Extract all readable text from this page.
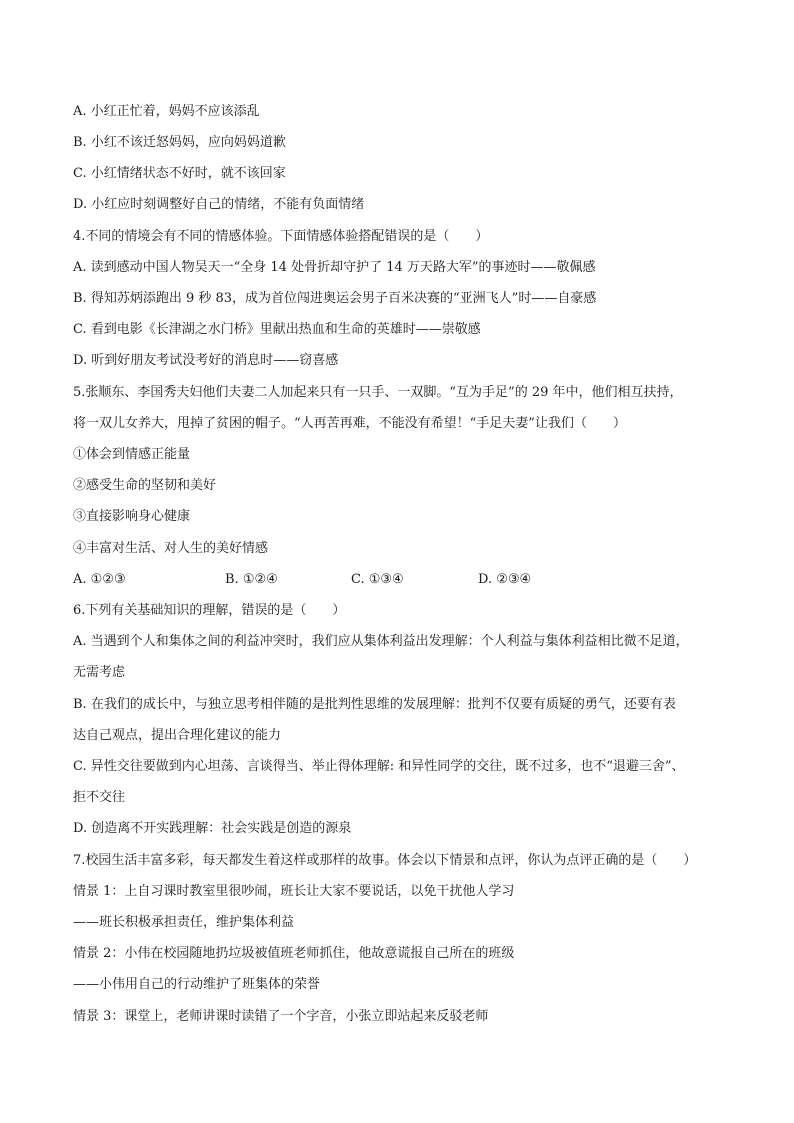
A. 小红正忙着，妈妈不应该添乱
B. 小红不该迁怒妈妈，应向妈妈道歉
C. 小红情绪状态不好时，就不该回家
D. 小红应时刻调整好自己的情绪，不能有负面情绪
4.不同的情境会有不同的情感体验。下面情感体验搭配错误的是（　　）
A. 读到感动中国人物吴天一“全身 14 处骨折却守护了 14 万天路大军”的事迹时——敬佩感
B. 得知苏炳添跑出 9 秒 83，成为首位闯进奥运会男子百米决赛的“亚洲飞人”时——自豪感
C. 看到电影《长津湖之水门桥》里献出热血和生命的英雄时——崇敬感
D. 听到好朋友考试没考好的消息时——窃喜感
5.张顺东、李国秀夫妇他们夫妻二人加起来只有一只手、一双脚。“互为手足”的 29 年中，他们相互扶持，
将一双儿女养大，甩掉了贫困的帽子。“人再苦再难，不能没有希望！“手足夫妻”让我们（　　）
①体会到情感正能量
②感受生命的坚韧和美好
③直接影响身心健康
④丰富对生活、对人生的美好情感
A. ①②③	B. ①②④	C. ①③④	D. ②③④
6.下列有关基础知识的理解，错误的是（　　）
A. 当遇到个人和集体之间的利益冲突时，我们应从集体利益出发理解：个人利益与集体利益相比微不足道，
无需考虑
B. 在我们的成长中，与独立思考相伴随的是批判性思维的发展理解：批判不仅要有质疑的勇气，还要有表
达自己观点，提出合理化建议的能力
C. 异性交往要做到内心坦荡、言谈得当、举止得体理解: 和异性同学的交往，既不过多，也不“退避三舍”、
拒不交往
D. 创造离不开实践理解：社会实践是创造的源泉
7.校园生活丰富多彩，每天都发生着这样或那样的故事。体会以下情景和点评，你认为点评正确的是（　　）
情景 1：上自习课时教室里很吵闹，班长让大家不要说话，以免干扰他人学习
——班长积极承担责任，维护集体利益
情景 2：小伟在校园随地扔垃圾被值班老师抓住，他故意谎报自己所在的班级
——小伟用自己的行动维护了班集体的荣誉
情景 3：课堂上，老师讲课时读错了一个字音，小张立即站起来反驳老师
